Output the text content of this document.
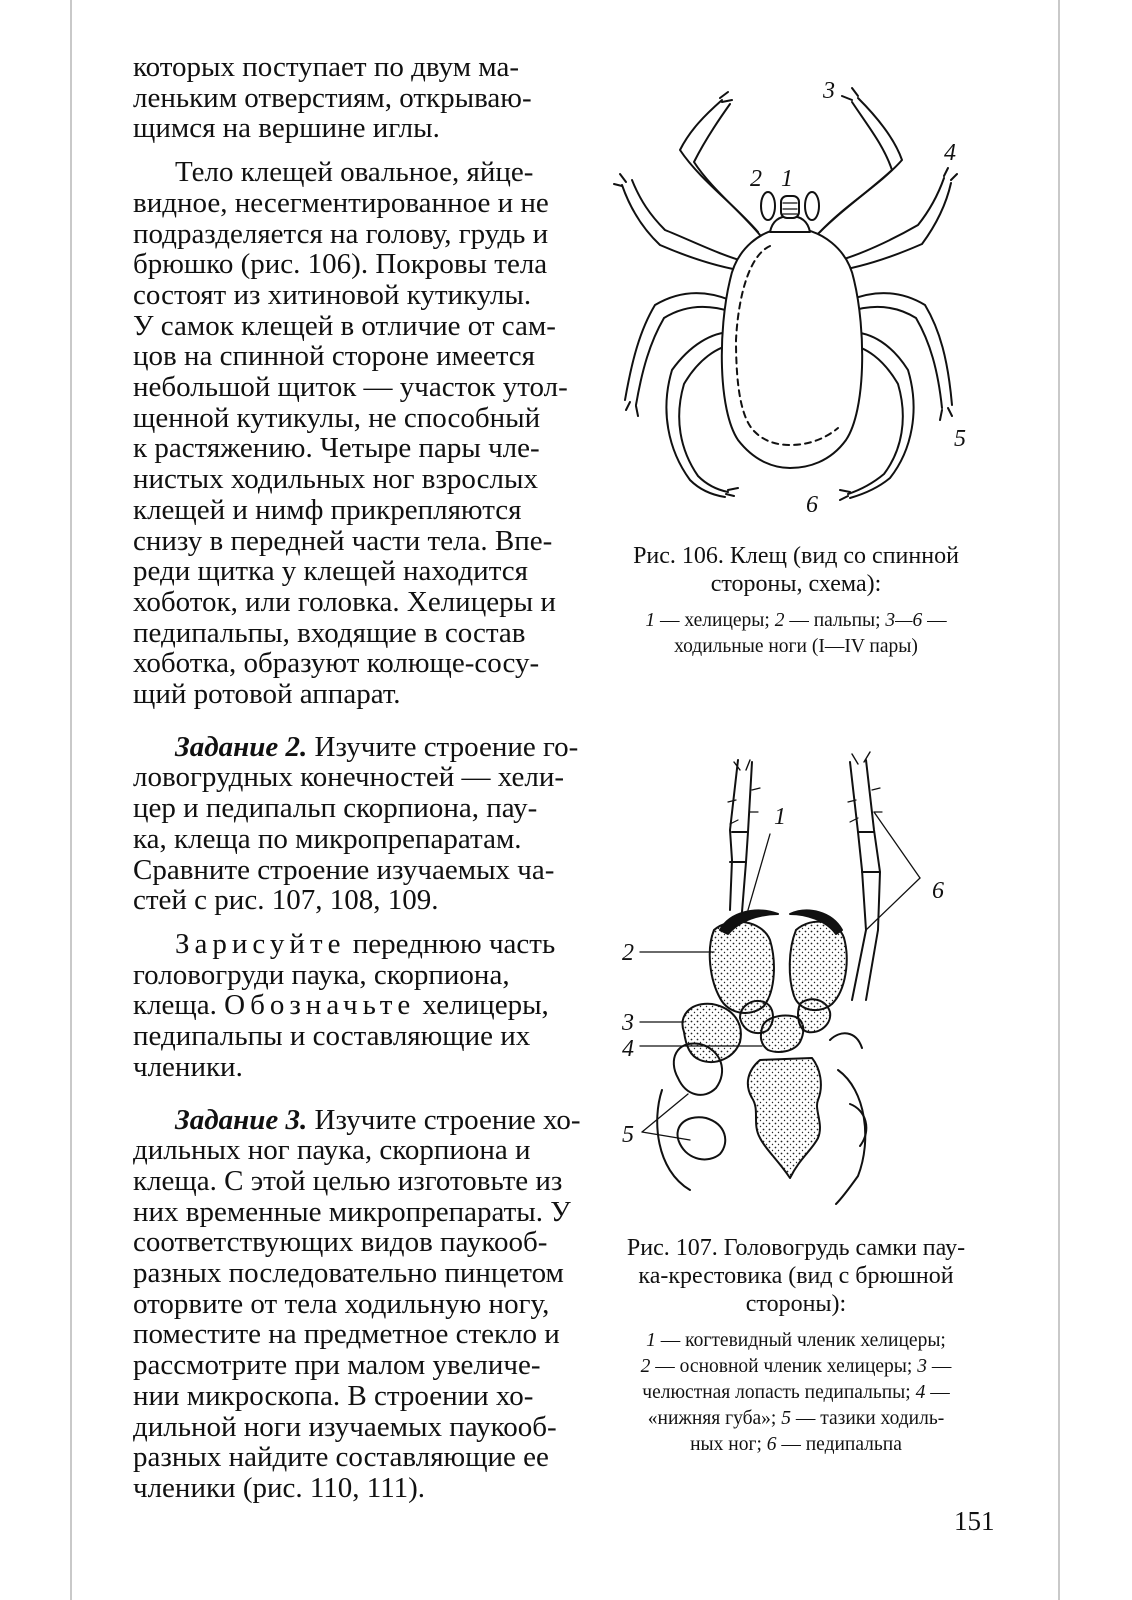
которых поступает по двум ма-
леньким отверстиям, открываю-
щимся на вершине иглы.

Тело клещей овальное, яйце-
видное, несегментированное и не
подразделяется на голову, грудь и
брюшко (рис. 106). Покровы тела
состоят из хитиновой кутикулы.
У самок клещей в отличие от сам-
цов на спинной стороне имеется
небольшой щиток — участок утол-
щенной кутикулы, не способный
к растяжению. Четыре пары чле-
нистых ходильных ног взрослых
клещей и нимф прикрепляются
снизу в передней части тела. Впе-
реди щитка у клещей находится
хоботок, или головка. Хелицеры и
педипальпы, входящие в состав
хоботка, образуют колюще-сосу-
щий ротовой аппарат.

Задание 2. Изучите строение го-
ловогрудных конечностей — хели-
цер и педипальп скорпиона, пау-
ка, клеща по микропрепаратам.
Сравните строение изучаемых ча-
стей с рис. 107, 108, 109.

Зарисуйте переднюю часть
головогруди паука, скорпиона,
клеща. Обозначьте хелицеры,
педипальпы и составляющие их
членики.

Задание 3. Изучите строение хо-
дильных ног паука, скорпиона и
клеща. С этой целью изготовьте из
них временные микропрепараты. У
соответствующих видов паукооб-
разных последовательно пинцетом
оторвите от тела ходильную ногу,
поместите на предметное стекло и
рассмотрите при малом увеличе-
нии микроскопа. В строении хо-
дильной ноги изучаемых паукооб-
разных найдите составляющие ее
членики (рис. 110, 111).

3
4
2 1
5
6
Рис. 106. Клещ (вид со спинной
стороны, схема):
1 — хелицеры; 2 — пальпы; 3—6 —
ходильные ноги (I—IV пары)
1
2
3
4
5
6
Рис. 107. Головогрудь самки пау-
ка-крестовика (вид с брюшной
стороны):
1 — когтевидный членик хелицеры;
2 — основной членик хелицеры; 3 —
челюстная лопасть педипальпы; 4 —
«нижняя губа»; 5 — тазики ходиль-
ных ног; 6 — педипальпа
151
